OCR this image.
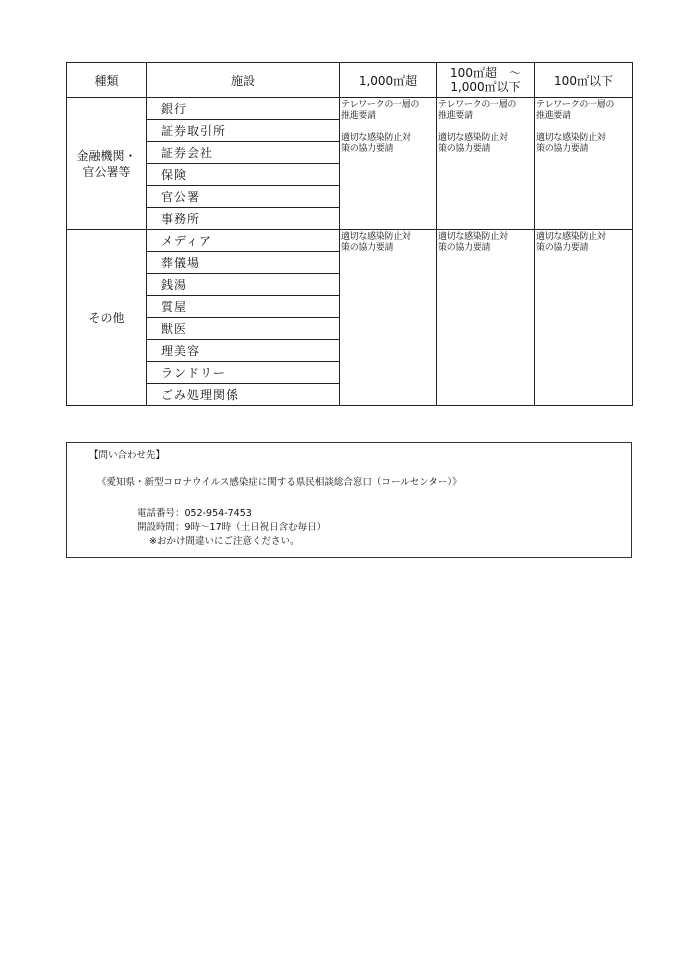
種類	施設	1,000㎡超	100㎡超　～
1,000㎡以下	100㎡以下
金融機関・
官公署等	銀行	テレワークの一層の
推進要請
適切な感染防止対
策の協力要請	テレワークの一層の
推進要請
適切な感染防止対
策の協力要請	テレワークの一層の
推進要請
適切な感染防止対
策の協力要請

	証券取引所			
	証券会社			
	保険			
	官公署			
	事務所			
その他	メディア	適切な感染防止対
策の協力要請	適切な感染防止対
策の協力要請	適切な感染防止対
策の協力要請

	葬儀場			
	銭湯			
	質屋			
	獣医			
	理美容			
	ランドリー			
	ごみ処理関係			
【問い合わせ先】
《愛知県・新型コロナウイルス感染症に関する県民相談総合窓口（コールセンター）》
電話番号：052-954-7453
開設時間：9時～17時（土日祝日含む毎日）
※おかけ間違いにご注意ください。
